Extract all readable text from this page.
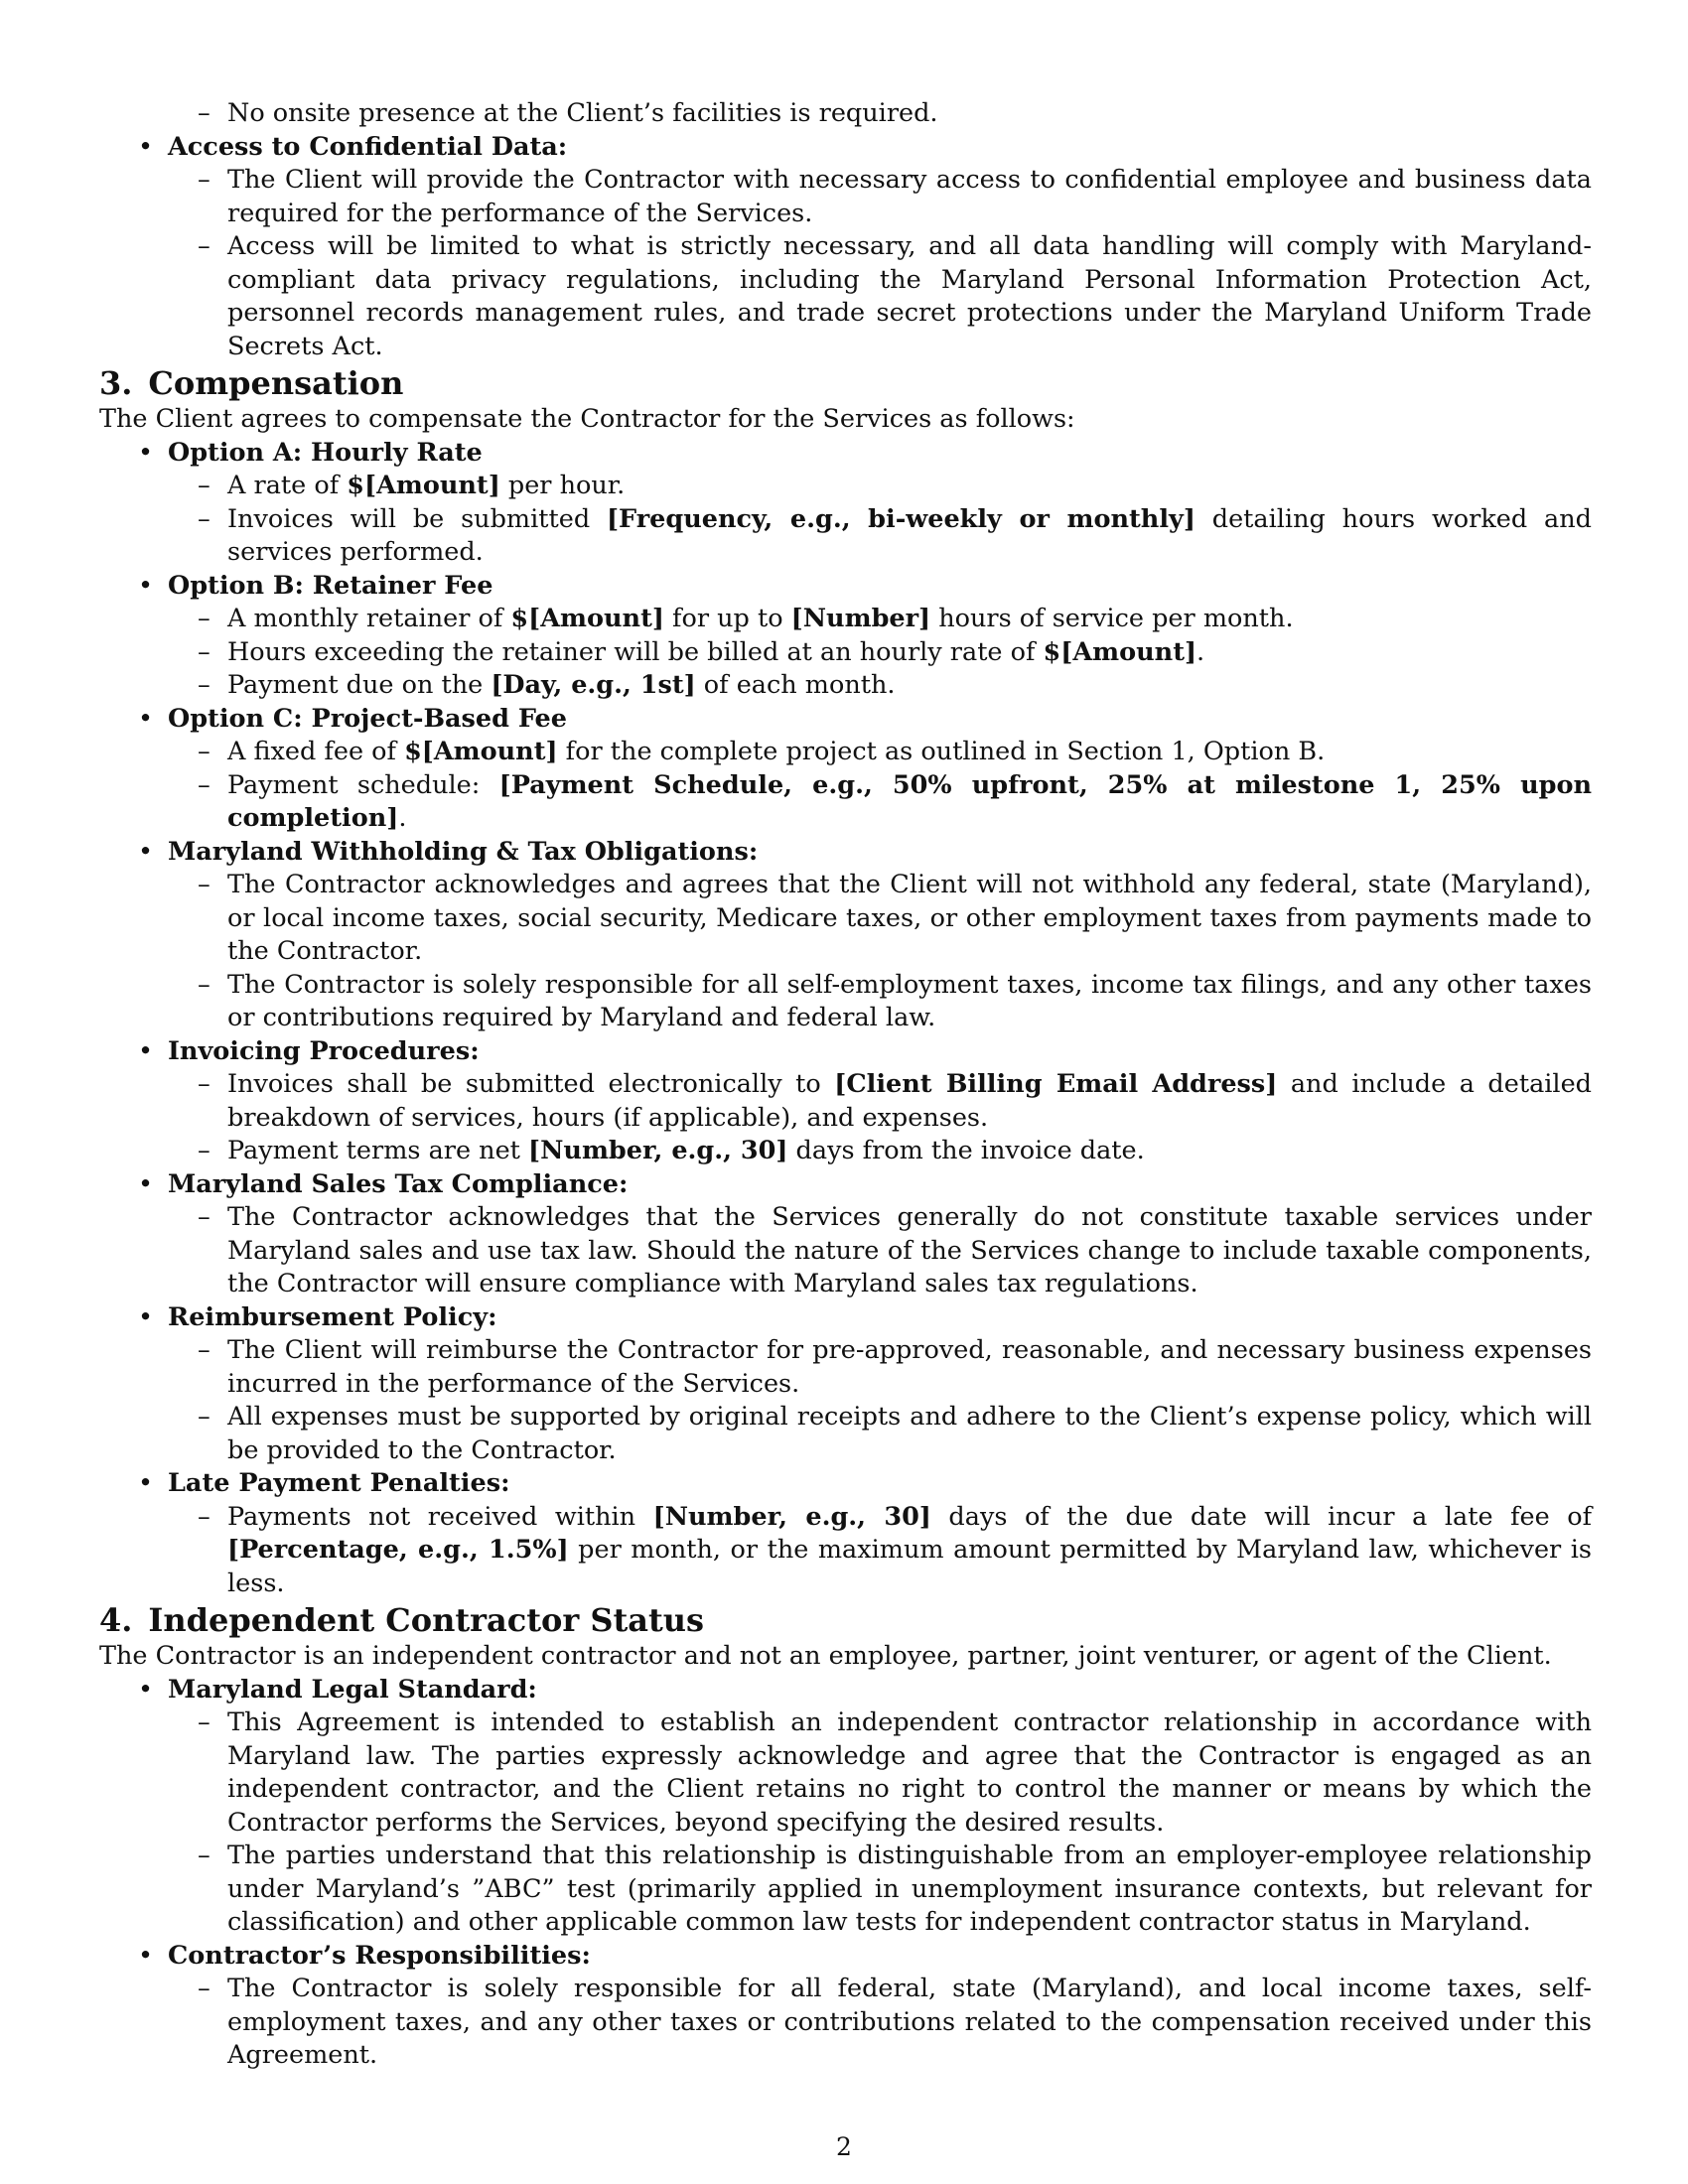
– No onsite presence at the Client’s facilities is required.
• Access to Confidential Data:
– The Client will provide the Contractor with necessary access to confidential employee and business data required for the performance of the Services.
– Access will be limited to what is strictly necessary, and all data handling will comply with Maryland-compliant data privacy regulations, including the Maryland Personal Information Protection Act, personnel records management rules, and trade secret protections under the Maryland Uniform Trade Secrets Act.
3. Compensation

The Client agrees to compensate the Contractor for the Services as follows:

• Option A: Hourly Rate
– A rate of $[Amount] per hour.
– Invoices will be submitted [Frequency, e.g., bi-weekly or monthly] detailing hours worked and services performed.
• Option B: Retainer Fee
– A monthly retainer of $[Amount] for up to [Number] hours of service per month.
– Hours exceeding the retainer will be billed at an hourly rate of $[Amount].
– Payment due on the [Day, e.g., 1st] of each month.
• Option C: Project-Based Fee
– A fixed fee of $[Amount] for the complete project as outlined in Section 1, Option B.
– Payment schedule: [Payment Schedule, e.g., 50% upfront, 25% at milestone 1, 25% upon completion].
• Maryland Withholding & Tax Obligations:
– The Contractor acknowledges and agrees that the Client will not withhold any federal, state (Maryland), or local income taxes, social security, Medicare taxes, or other employment taxes from payments made to the Contractor.
– The Contractor is solely responsible for all self-employment taxes, income tax filings, and any other taxes or contributions required by Maryland and federal law.
• Invoicing Procedures:
– Invoices shall be submitted electronically to [Client Billing Email Address] and include a detailed breakdown of services, hours (if applicable), and expenses.
– Payment terms are net [Number, e.g., 30] days from the invoice date.
• Maryland Sales Tax Compliance:
– The Contractor acknowledges that the Services generally do not constitute taxable services under Maryland sales and use tax law. Should the nature of the Services change to include taxable components, the Contractor will ensure compliance with Maryland sales tax regulations.
• Reimbursement Policy:
– The Client will reimburse the Contractor for pre-approved, reasonable, and necessary business expenses incurred in the performance of the Services.
– All expenses must be supported by original receipts and adhere to the Client’s expense policy, which will be provided to the Contractor.
• Late Payment Penalties:
– Payments not received within [Number, e.g., 30] days of the due date will incur a late fee of [Percentage, e.g., 1.5%] per month, or the maximum amount permitted by Maryland law, whichever is less.
4. Independent Contractor Status

The Contractor is an independent contractor and not an employee, partner, joint venturer, or agent of the Client.

• Maryland Legal Standard:
– This Agreement is intended to establish an independent contractor relationship in accordance with Maryland law. The parties expressly acknowledge and agree that the Contractor is engaged as an independent contractor, and the Client retains no right to control the manner or means by which the Contractor performs the Services, beyond specifying the desired results.
– The parties understand that this relationship is distinguishable from an employer-employee relationship under Maryland’s ”ABC” test (primarily applied in unemployment insurance contexts, but relevant for classification) and other applicable common law tests for independent contractor status in Maryland.
• Contractor’s Responsibilities:
– The Contractor is solely responsible for all federal, state (Maryland), and local income taxes, self-employment taxes, and any other taxes or contributions related to the compensation received under this Agreement.
2
